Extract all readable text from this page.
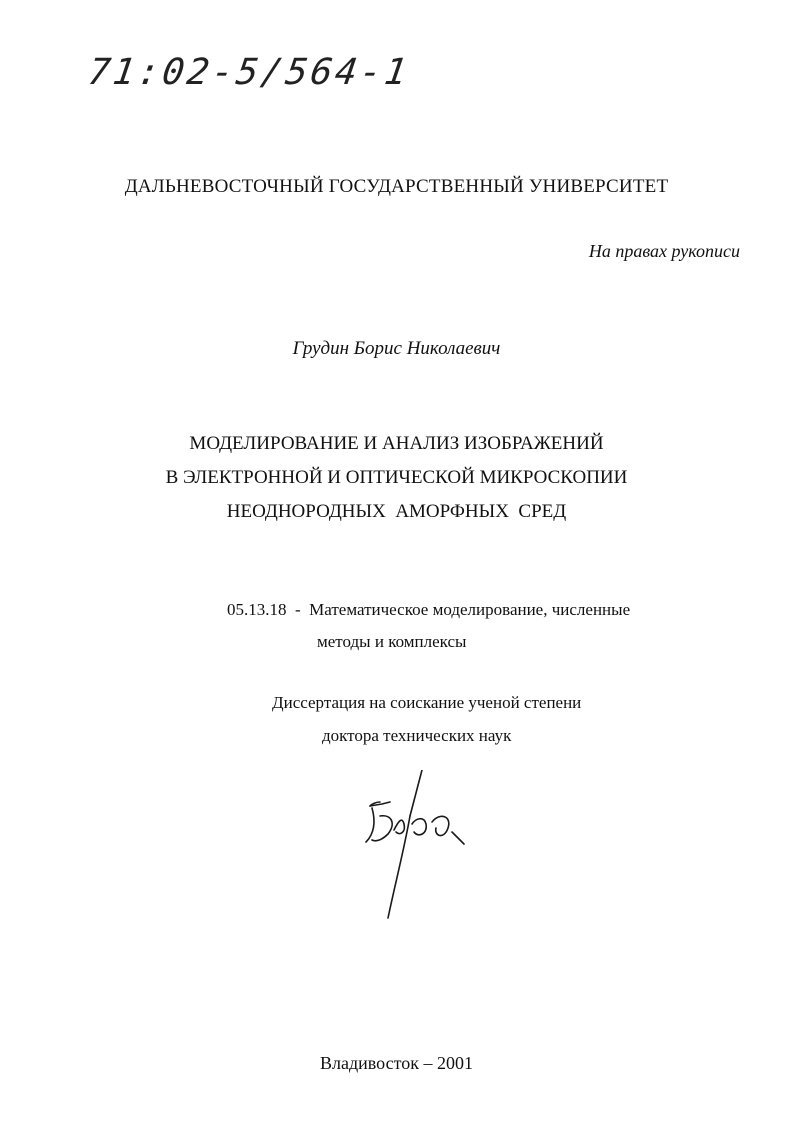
71:02-5/564-1
ДАЛЬНЕВОСТОЧНЫЙ ГОСУДАРСТВЕННЫЙ УНИВЕРСИТЕТ
На правах рукописи
Грудин Борис Николаевич
МОДЕЛИРОВАНИЕ И АНАЛИЗ ИЗОБРАЖЕНИЙ
В ЭЛЕКТРОННОЙ И ОПТИЧЕСКОЙ МИКРОСКОПИИ
НЕОДНОРОДНЫХ  АМОРФНЫХ  СРЕД
05.13.18  -  Математическое моделирование, численные
методы и комплексы
Диссертация на соискание ученой степени
доктора технических наук
Владивосток – 2001
